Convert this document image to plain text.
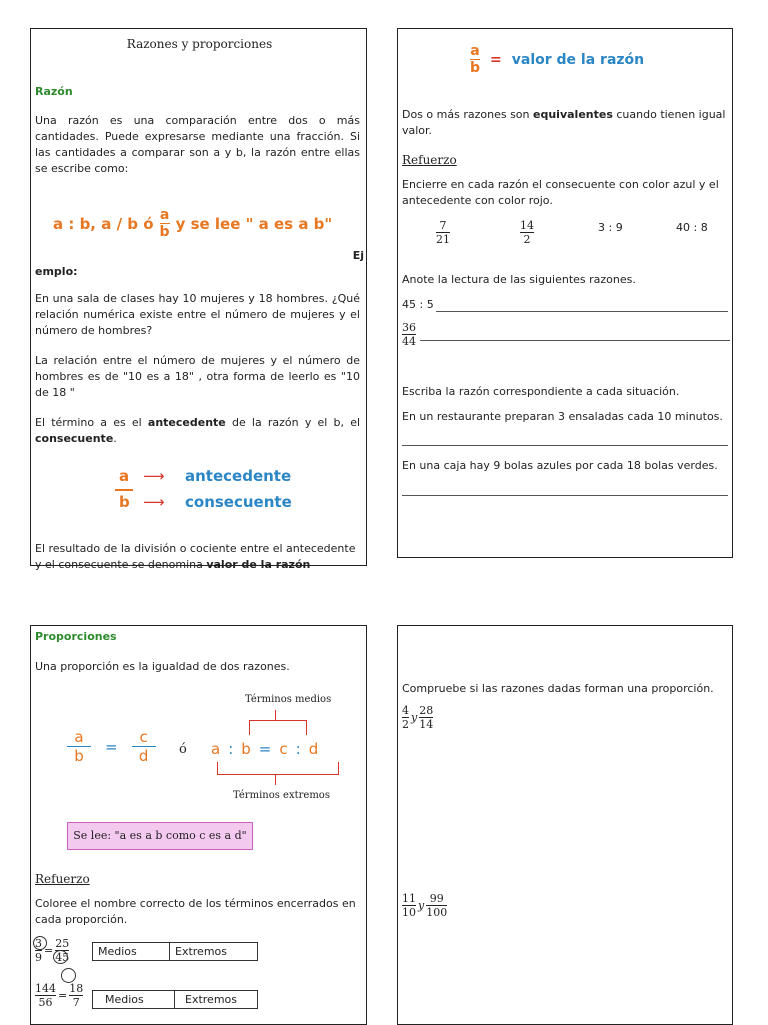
Razones y proporciones
Razón
Una razón es una comparación entre dos o más cantidades. Puede expresarse mediante una fracción. Si las cantidades a comparar son a y b, la razón entre ellas se escribe como:
a : b, a / b ó $\frac{a}{b}$ y se lee " a es a b"
Ej
emplo:
En una sala de clases hay 10 mujeres y 18 hombres. ¿Qué relación numérica existe entre el número de mujeres y el número de hombres?
La relación entre el número de mujeres y el número de hombres es de "10 es a 18" , otra forma de leerlo es "10 de 18 "
El término a es el antecedente de la razón y el b, el consecuente.
a
b
⟶
⟶
antecedente
consecuente
El resultado de la división o cociente entre el antecedente y el consecuente se denomina valor de la razón
$\frac{a}{b}$ = valor de la razón
Dos o más razones son equivalentes cuando tienen igual valor.
Refuerzo
Encierre en cada razón el consecuente con color azul y el antecedente con color rojo.
7
21
14
2
3 : 9	40 : 8
Anote la lectura de las siguientes razones.
45 : 5
36
44
Escriba la razón correspondiente a cada situación.
En un restaurante preparan 3 ensaladas cada 10 minutos.
En una caja hay 9 bolas azules por cada 18 bolas verdes.
Proporciones
Una proporción es la igualdad de dos razones.
$\frac{a}{b} = \frac{c}{d}$ ó
Términos medios
a : b = c : d
Términos extremos
Se lee: "a es a b como c es a d"
Refuerzo
Coloree el nombre correcto de los términos encerrados en cada proporción.
$\frac{3}{9} = \frac{25}{45}$	Medios	Extremos
$\frac{144}{56} = \frac{18}{7}$	Medios	Extremos
Compruebe si las razones dadas forman una proporción.
$\frac{4}{2}$ y $\frac{28}{14}$
$\frac{11}{10}$ y $\frac{99}{100}$
